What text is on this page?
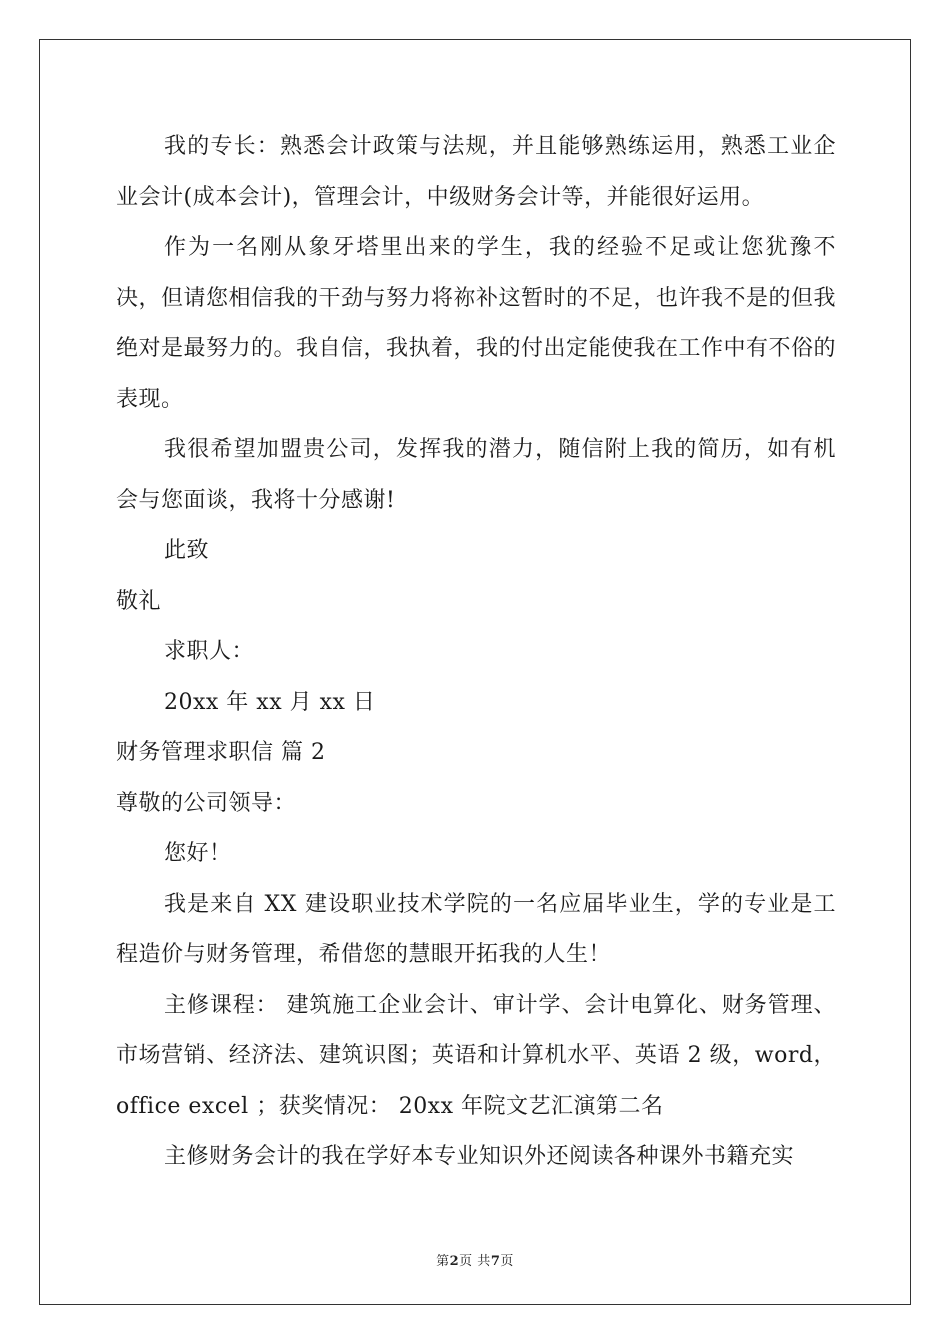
我的专长：熟悉会计政策与法规，并且能够熟练运用，熟悉工业企业会计(成本会计)，管理会计，中级财务会计等，并能很好运用。

作为一名刚从象牙塔里出来的学生，我的经验不足或让您犹豫不决，但请您相信我的干劲与努力将祢补这暂时的不足，也许我不是的但我绝对是最努力的。我自信，我执着，我的付出定能使我在工作中有不俗的表现。

我很希望加盟贵公司，发挥我的潜力，随信附上我的简历，如有机会与您面谈，我将十分感谢!

此致

敬礼

求职人：

20xx 年 xx 月 xx 日

财务管理求职信 篇 2

尊敬的公司领导：

您好！

我是来自 XX 建设职业技术学院的一名应届毕业生，学的专业是工程造价与财务管理，希借您的慧眼开拓我的人生！

主修课程： 建筑施工企业会计、审计学、会计电算化、财务管理、市场营销、经济法、建筑识图；英语和计算机水平、英语 2 级，word， office excel ；获奖情况： 20xx 年院文艺汇演第二名

主修财务会计的我在学好本专业知识外还阅读各种课外书籍充实

第2页 共7页
